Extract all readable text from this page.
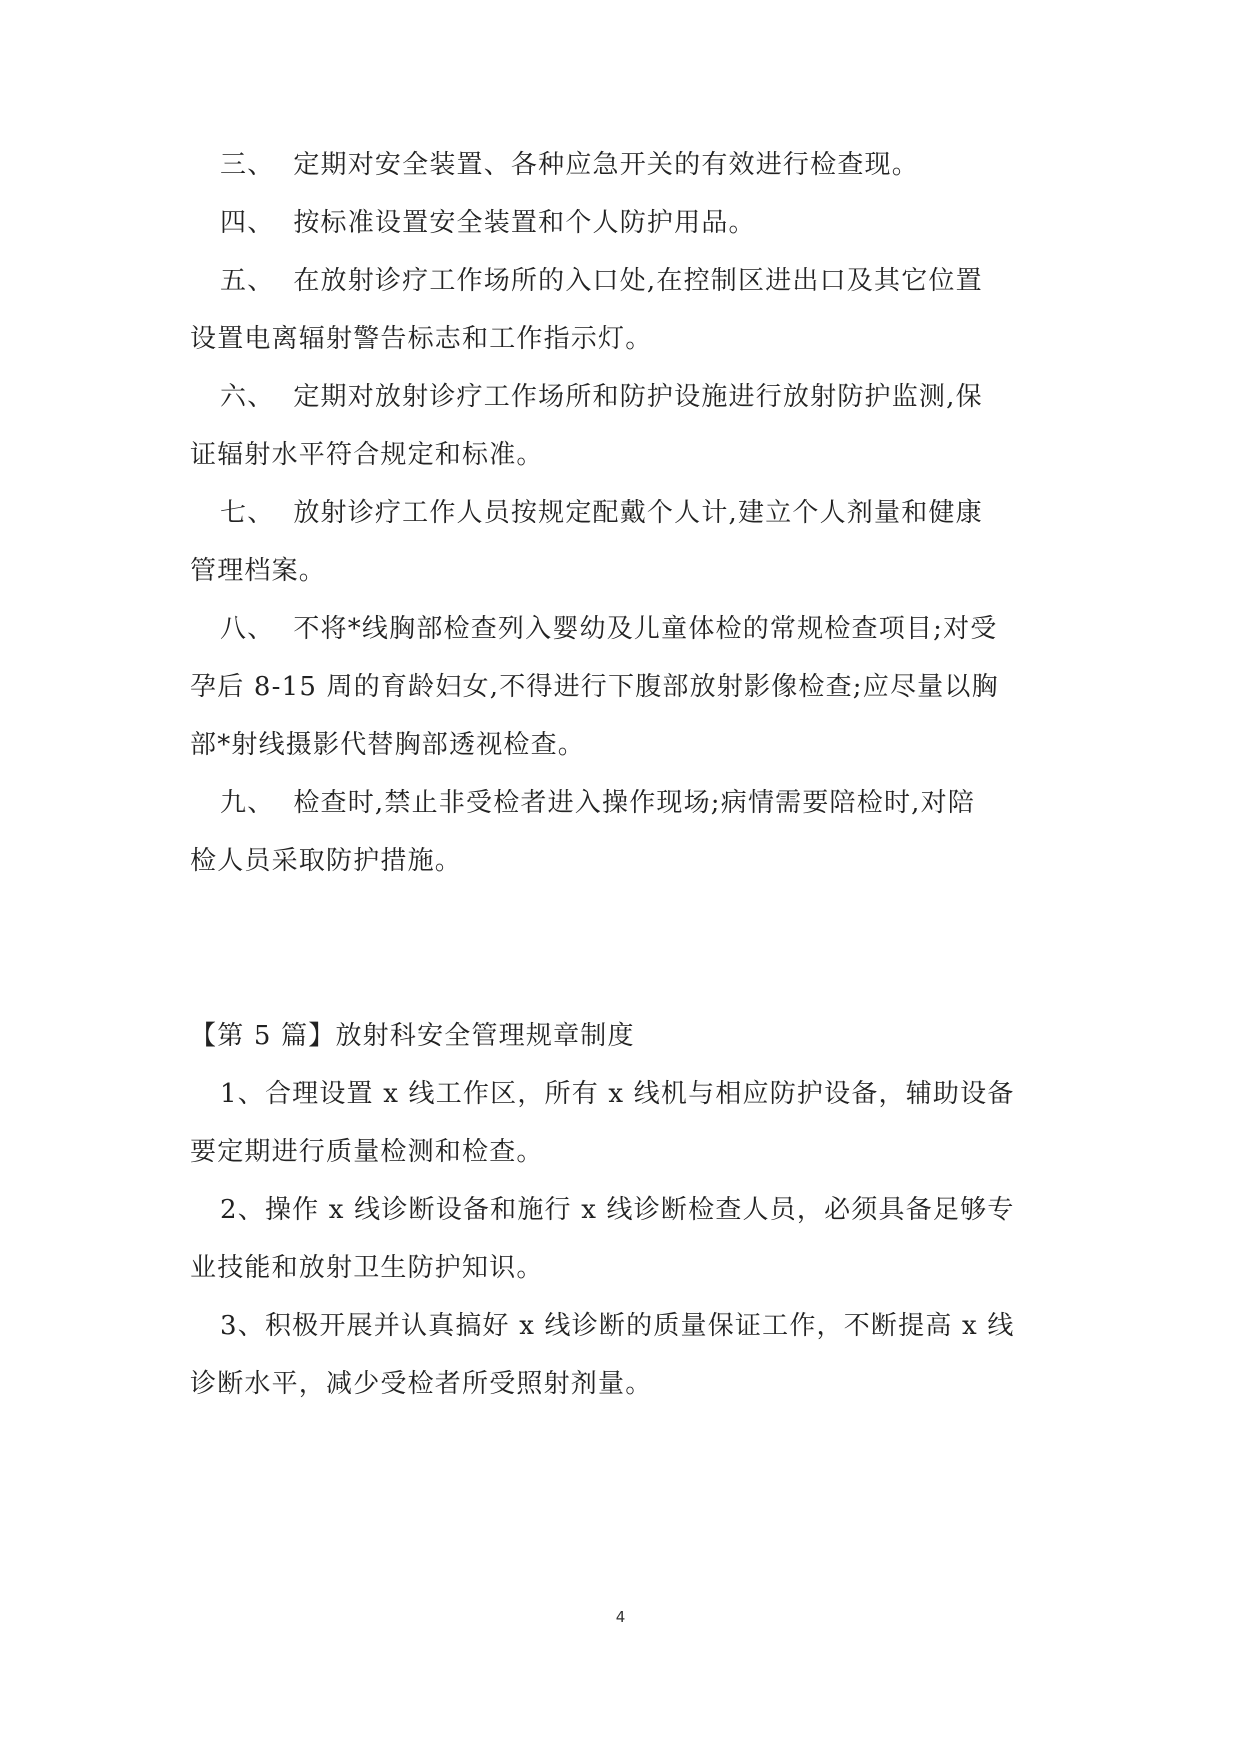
三、  定期对安全装置、各种应急开关的有效进行检查现。
四、  按标准设置安全装置和个人防护用品。
五、  在放射诊疗工作场所的入口处,在控制区进出口及其它位置
设置电离辐射警告标志和工作指示灯。
六、  定期对放射诊疗工作场所和防护设施进行放射防护监测,保
证辐射水平符合规定和标准。
七、  放射诊疗工作人员按规定配戴个人计,建立个人剂量和健康
管理档案。
八、  不将*线胸部检查列入婴幼及儿童体检的常规检查项目;对受
孕后 8-15 周的育龄妇女,不得进行下腹部放射影像检查;应尽量以胸
部*射线摄影代替胸部透视检查。
九、  检查时,禁止非受检者进入操作现场;病情需要陪检时,对陪
检人员采取防护措施。
【第 5 篇】放射科安全管理规章制度
1、合理设置 x 线工作区，所有 x 线机与相应防护设备，辅助设备
要定期进行质量检测和检查。
2、操作 x 线诊断设备和施行 x 线诊断检查人员，必须具备足够专
业技能和放射卫生防护知识。
3、积极开展并认真搞好 x 线诊断的质量保证工作，不断提高 x 线
诊断水平，减少受检者所受照射剂量。
4
